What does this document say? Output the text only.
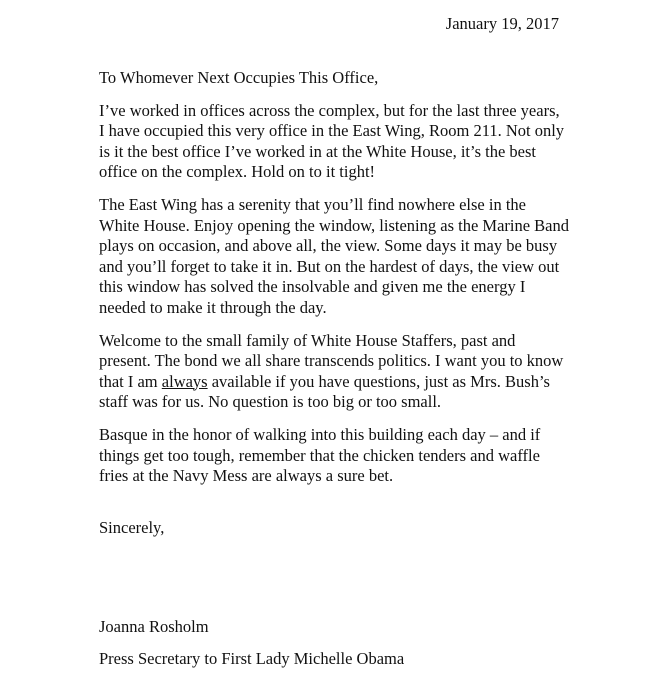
January 19, 2017

To Whomever Next Occupies This Office,

I’ve worked in offices across the complex, but for the last three years, I have occupied this very office in the East Wing, Room 211. Not only is it the best office I’ve worked in at the White House, it’s the best office on the complex. Hold on to it tight!

The East Wing has a serenity that you’ll find nowhere else in the White House. Enjoy opening the window, listening as the Marine Band plays on occasion, and above all, the view. Some days it may be busy and you’ll forget to take it in. But on the hardest of days, the view out this window has solved the insolvable and given me the energy I needed to make it through the day.

Welcome to the small family of White House Staffers, past and present. The bond we all share transcends politics. I want you to know that I am always available if you have questions, just as Mrs. Bush’s staff was for us. No question is too big or too small.

Basque in the honor of walking into this building each day – and if things get too tough, remember that the chicken tenders and waffle fries at the Navy Mess are always a sure bet.

Sincerely,

Joanna Rosholm

Press Secretary to First Lady Michelle Obama
